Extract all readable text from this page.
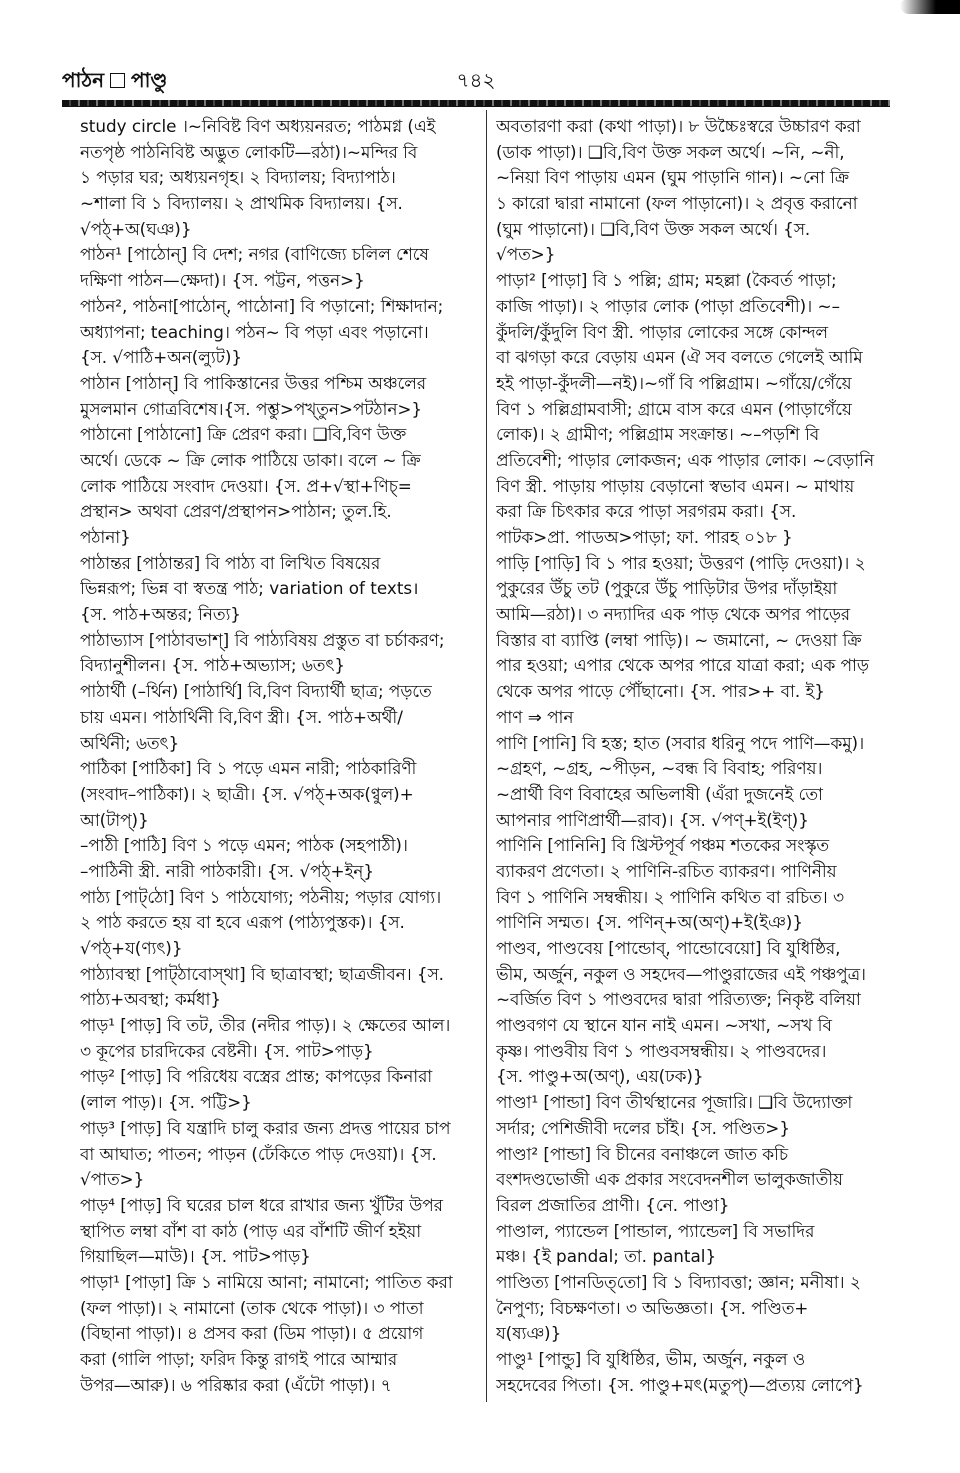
পাঠন পাণ্ডু	৭৪২
study circle ।~নিবিষ্ট বিণ অধ্যয়নরত; পাঠমগ্ন (এই
নতপৃষ্ঠ পাঠনিবিষ্ট অদ্ভুত লোকটি—রঠা)।~মন্দির বি
১ পড়ার ঘর; অধ্যয়নগৃহ। ২ বিদ্যালয়; বিদ্যাপাঠ।
~শালা বি ১ বিদ্যালয়। ২ প্রাথমিক বিদ্যালয়। {স.
√পঠ্+অ(ঘঞ)}
পাঠন¹ [পাঠোন্] বি দেশ; নগর (বাণিজ্যে চলিল শেষে
দক্ষিণা পাঠন—ক্ষেদা)। {স. পট্টন, পত্তন>}
পাঠন², পাঠনা[পাঠোন্, পাঠোনা] বি পড়ানো; শিক্ষাদান;
অধ্যাপনা; teaching। পঠন~ বি পড়া এবং পড়ানো।
{স. √পাঠি+অন(ল্যুট)}
পাঠান [পাঠান্] বি পাকিস্তানের উত্তর পশ্চিম অঞ্চলের
মুসলমান গোত্রবিশেষ।{স. পশ্তু>পখ্তুন>পটঠান>}
পাঠানো [পাঠানো] ক্রি প্রেরণ করা। ❑বি,বিণ উক্ত
অর্থে। ডেকে ~ ক্রি লোক পাঠিয়ে ডাকা। বলে ~ ক্রি
লোক পাঠিয়ে সংবাদ দেওয়া। {স. প্র+√স্থা+ণিচ্=
প্রস্থান> অথবা প্রেরণ/প্রস্থাপন>পাঠান; তুল.হি.
পঠানা}
পাঠান্তর [পাঠান্তর] বি পাঠ্য বা লিখিত বিষয়ের
ভিন্নরূপ; ভিন্ন বা স্বতন্ত্র পাঠ; variation of texts।
{স. পাঠ+অন্তর; নিত্য}
পাঠাভ্যাস [পাঠাবভাশ্] বি পাঠ্যবিষয় প্রস্তুত বা চর্চাকরণ;
বিদ্যানুশীলন। {স. পাঠ+অভ্যাস; ৬তৎ}
পাঠার্থী (–র্থিন) [পাঠার্থি] বি,বিণ বিদ্যার্থী ছাত্র; পড়তে
চায় এমন। পাঠার্থিনী বি,বিণ স্ত্রী। {স. পাঠ+অর্থী/
অর্থিনী; ৬তৎ}
পাঠিকা [পাঠিকা] বি ১ পড়ে এমন নারী; পাঠকারিণী
(সংবাদ–পাঠিকা)। ২ ছাত্রী। {স. √পঠ্+অক(ণ্বুল)+
আ(টাপ্)}
–পাঠী [পাঠি] বিণ ১ পড়ে এমন; পাঠক (সহপাঠী)।
–পাঠিনী স্ত্রী. নারী পাঠকারী। {স. √পঠ্+ইন্}
পাঠ্য [পাট্‌ঠো] বিণ ১ পাঠযোগ্য; পঠনীয়; পড়ার যোগ্য।
২ পাঠ করতে হয় বা হবে এরূপ (পাঠ্যপুস্তক)। {স.
√পঠ্+য(ণ্যৎ)}
পাঠ্যাবস্থা [পাট্‌ঠাবোস্‌থা] বি ছাত্রাবস্থা; ছাত্রজীবন। {স.
পাঠ্য+অবস্থা; কর্মধা}
পাড়¹ [পাড়] বি তট, তীর (নদীর পাড়)। ২ ক্ষেতের আল।
৩ কূপের চারদিকের বেষ্টনী। {স. পাট>পাড়}
পাড়² [পাড়] বি পরিধেয় বস্ত্রের প্রান্ত; কাপড়ের কিনারা
(লাল পাড়)। {স. পট্টি>}
পাড়³ [পাড়] বি যন্ত্রাদি চালু করার জন্য প্রদত্ত পায়ের চাপ
বা আঘাত; পাতন; পাড়ন (ঢেঁকিতে পাড় দেওয়া)। {স.
√পাত>}
পাড়⁴ [পাড়] বি ঘরের চাল ধরে রাখার জন্য খুঁটির উপর
স্থাপিত লম্বা বাঁশ বা কাঠ (পাড় এর বাঁশটি জীর্ণ হইয়া
গিয়াছিল—মাউ)। {স. পাট>পাড়}
পাড়া¹ [পাড়া] ক্রি ১ নামিয়ে আনা; নামানো; পাতিত করা
(ফল পাড়া)। ২ নামানো (তাক থেকে পাড়া)। ৩ পাতা
(বিছানা পাড়া)। ৪ প্রসব করা (ডিম পাড়া)। ৫ প্রয়োগ
করা (গালি পাড়া; ফরিদ কিন্তু রাগই পারে আম্মার
উপর—আরু)। ৬ পরিষ্কার করা (এঁটো পাড়া)। ৭
অবতারণা করা (কথা পাড়া)। ৮ উচ্চৈঃস্বরে উচ্চারণ করা
(ডাক পাড়া)। ❑বি,বিণ উক্ত সকল অর্থে। ~নি, ~নী,
~নিয়া বিণ পাড়ায় এমন (ঘুম পাড়ানি গান)। ~নো ক্রি
১ কারো দ্বারা নামানো (ফল পাড়ানো)। ২ প্রবৃত্ত করানো
(ঘুম পাড়ানো)। ❑বি,বিণ উক্ত সকল অর্থে। {স.
√পত>}
পাড়া² [পাড়া] বি ১ পল্লি; গ্রাম; মহল্লা (কৈবর্ত পাড়া;
কাজি পাড়া)। ২ পাড়ার লোক (পাড়া প্রতিবেশী)। ~–
কুঁদলি/কুঁদুলি বিণ স্ত্রী. পাড়ার লোকের সঙ্গে কোন্দল
বা ঝগড়া করে বেড়ায় এমন (ঐ সব বলতে গেলেই আমি
হই পাড়া-কুঁদলী—নই)।~গাঁ বি পল্লিগ্রাম। ~গাঁয়ে/গেঁয়ে
বিণ ১ পল্লিগ্রামবাসী; গ্রামে বাস করে এমন (পাড়াগেঁয়ে
লোক)। ২ গ্রামীণ; পল্লিগ্রাম সংক্রান্ত। ~–পড়শি বি
প্রতিবেশী; পাড়ার লোকজন; এক পাড়ার লোক। ~বেড়ানি
বিণ স্ত্রী. পাড়ায় পাড়ায় বেড়ানো স্বভাব এমন। ~ মাথায়
করা ক্রি চিৎকার করে পাড়া সরগরম করা। {স.
পাটক>প্রা. পাডঅ>পাড়া; ফা. পারহ ০১৮ }
পাড়ি [পাড়ি] বি ১ পার হওয়া; উত্তরণ (পাড়ি দেওয়া)। ২
পুকুরের উঁচু তট (পুকুরে উঁচু পাড়িটার উপর দাঁড়াইয়া
আমি—রঠা)। ৩ নদ্যাদির এক পাড় থেকে অপর পাড়ের
বিস্তার বা ব্যাপ্তি (লম্বা পাড়ি)। ~ জমানো, ~ দেওয়া ক্রি
পার হওয়া; এপার থেকে অপর পারে যাত্রা করা; এক পাড়
থেকে অপর পাড়ে পৌঁছানো। {স. পার>+ বা. ই}
পাণ ⇒ পান
পাণি [পানি] বি হস্ত; হাত (সবার ধরিনু পদে পাণি—কমু)।
~গ্রহণ, ~গ্রহ, ~পীড়ন, ~বন্ধ বি বিবাহ; পরিণয়।
~প্রার্থী বিণ বিবাহের অভিলাষী (এঁরা দুজনেই তো
আপনার পাণিপ্রার্থী—রাব)। {স. √পণ্+ই(ইণ্)}
পাণিনি [পানিনি] বি খ্রিস্টপূর্ব পঞ্চম শতকের সংস্কৃত
ব্যাকরণ প্রণেতা। ২ পাণিনি-রচিত ব্যাকরণ। পাণিনীয়
বিণ ১ পাণিনি সম্বন্ধীয়। ২ পাণিনি কথিত বা রচিত। ৩
পাণিনি সম্মত। {স. পণিন্+অ(অণ্)+ই(ইঞ)}
পাণ্ডব, পাণ্ডবেয় [পান্ডোব্, পান্ডোবেয়ো] বি যুধিষ্ঠির,
ভীম, অর্জুন, নকুল ও সহদেব—পাণ্ডুরাজের এই পঞ্চপুত্র।
~বর্জিত বিণ ১ পাণ্ডবদের দ্বারা পরিত্যক্ত; নিকৃষ্ট বলিয়া
পাণ্ডবগণ যে স্থানে যান নাই এমন। ~সখা, ~সখ বি
কৃষ্ণ। পাণ্ডবীয় বিণ ১ পাণ্ডবসম্বন্ধীয়। ২ পাণ্ডবদের।
{স. পাণ্ডু+অ(অণ্), এয়(ঢক)}
পাণ্ডা¹ [পান্ডা] বিণ তীর্থস্থানের পূজারি। ❑বি উদ্যোক্তা
সর্দার; পেশিজীবী দলের চাঁই। {স. পণ্ডিত>}
পাণ্ডা² [পান্ডা] বি চীনের বনাঞ্চলে জাত কচি
বংশদণ্ডভোজী এক প্রকার সংবেদনশীল ভালুকজাতীয়
বিরল প্রজাতির প্রাণী। {নে. পাণ্ডা}
পাণ্ডাল, প্যান্ডেল [পান্ডাল, প্যান্ডেল] বি সভাদির
মঞ্চ। {ই pandal; তা. pantal}
পাণ্ডিত্য [পানডিত্‌তো] বি ১ বিদ্যাবত্তা; জ্ঞান; মনীষা। ২
নৈপুণ্য; বিচক্ষণতা। ৩ অভিজ্ঞতা। {স. পণ্ডিত+
য(ষ্যঞ)}
পাণ্ডু¹ [পান্ডু] বি যুধিষ্ঠির, ভীম, অর্জুন, নকুল ও
সহদেবের পিতা। {স. পাণ্ডু+মৎ(মতুপ্)—প্রত্যয় লোপে}
